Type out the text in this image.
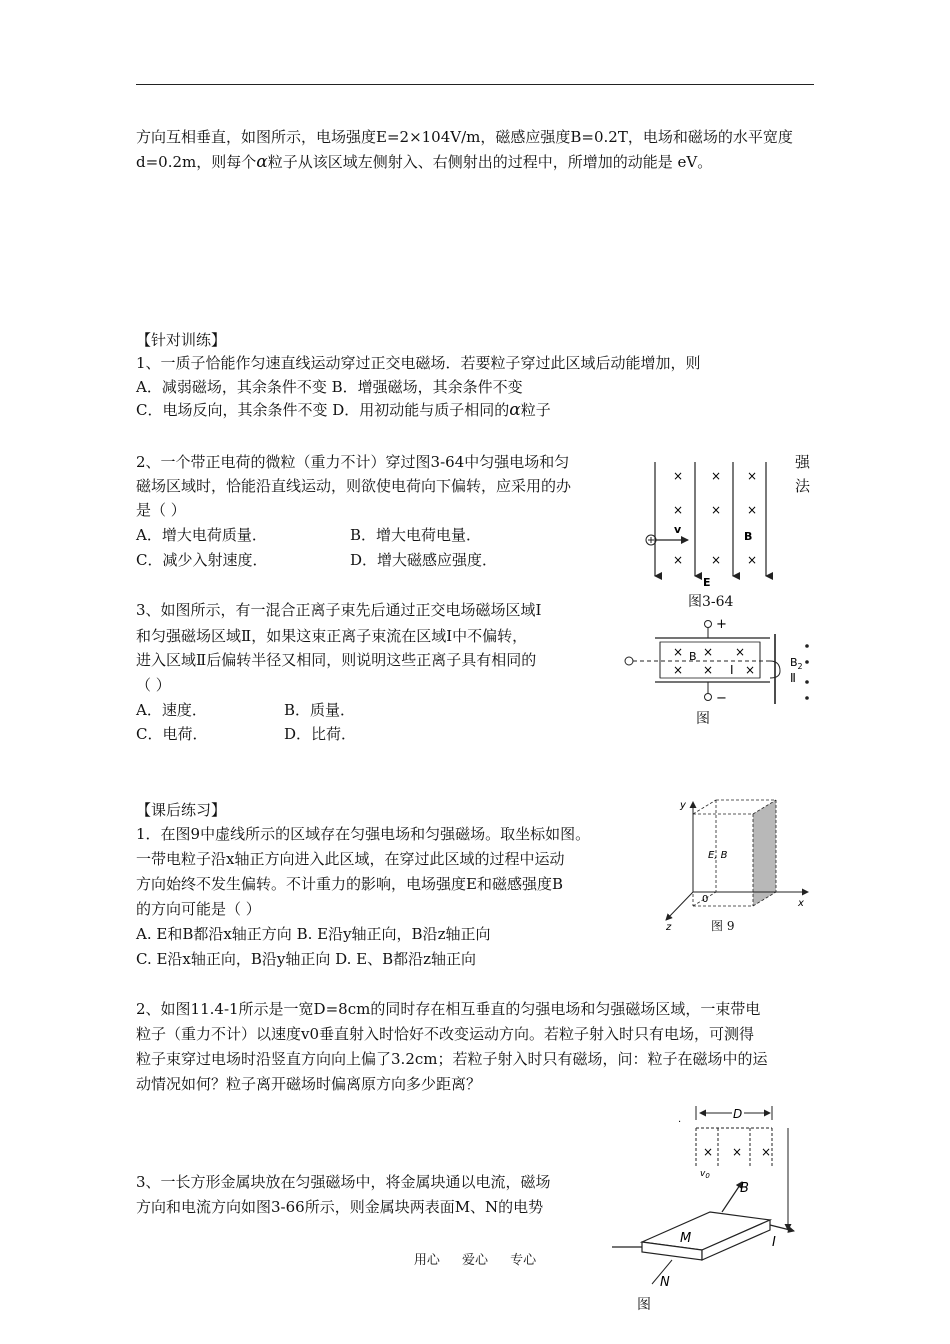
方向互相垂直，如图所示，电场强度E=2×104V/m，磁感应强度B=0.2T，电场和磁场的水平宽度
d=0.2m，则每个α粒子从该区域左侧射入、右侧射出的过程中，所增加的动能是 eV。
【针对训练】
1、一质子恰能作匀速直线运动穿过正交电磁场．若要粒子穿过此区域后动能增加，则
A．减弱磁场，其余条件不变 B．增强磁场，其余条件不变
C．电场反向，其余条件不变 D．用初动能与质子相同的α粒子
2、一个带正电荷的微粒（重力不计）穿过图3-64中匀强电场和匀	强
磁场区域时，恰能沿直线运动，则欲使电荷向下偏转，应采用的办	法
是（ ）
A．增大电荷质量．	B．增大电荷电量．
C．减少入射速度．	D．增大磁感应强度．
× × ×
× × ×
× × ×
v
B
E
图3-64
3、如图所示，有一混合正离子束先后通过正交电场磁场区域Ⅰ
和匀强磁场区域Ⅱ，如果这束正离子束流在区域Ⅰ中不偏转，
进入区域Ⅱ后偏转半径又相同，则说明这些正离子具有相同的
（ ）
A．速度．	B．质量．
C．电荷．	D．比荷．
+
−
× × ×
× ×	×
B
Ⅰ
$B_2$
Ⅱ
图
【课后练习】
1．在图9中虚线所示的区域存在匀强电场和匀强磁场。取坐标如图。
一带电粒子沿x轴正方向进入此区域，在穿过此区域的过程中运动
方向始终不发生偏转。不计重力的影响，电场强度E和磁感强度B
的方向可能是（ ）
A. E和B都沿x轴正方向 B. E沿y轴正向，B沿z轴正向
C. E沿x轴正向，B沿y轴正向 D. E、B都沿z轴正向
y
x
z
0
E, B
图 9
2、如图11.4-1所示是一宽D=8cm的同时存在相互垂直的匀强电场和匀强磁场区域，一束带电
粒子（重力不计）以速度v0垂直射入时恰好不改变运动方向。若粒子射入时只有电场，可测得
粒子束穿过电场时沿竖直方向向上偏了3.2cm；若粒子射入时只有磁场，问：粒子在磁场中的运
动情况如何？粒子离开磁场时偏离原方向多少距离？
3、一长方形金属块放在匀强磁场中，将金属块通以电流，磁场
方向和电流方向如图3-66所示，则金属块两表面M、N的电势
.	D
× × ×
$v_0$
B
I
M
N
图
用心 爱心 专心
